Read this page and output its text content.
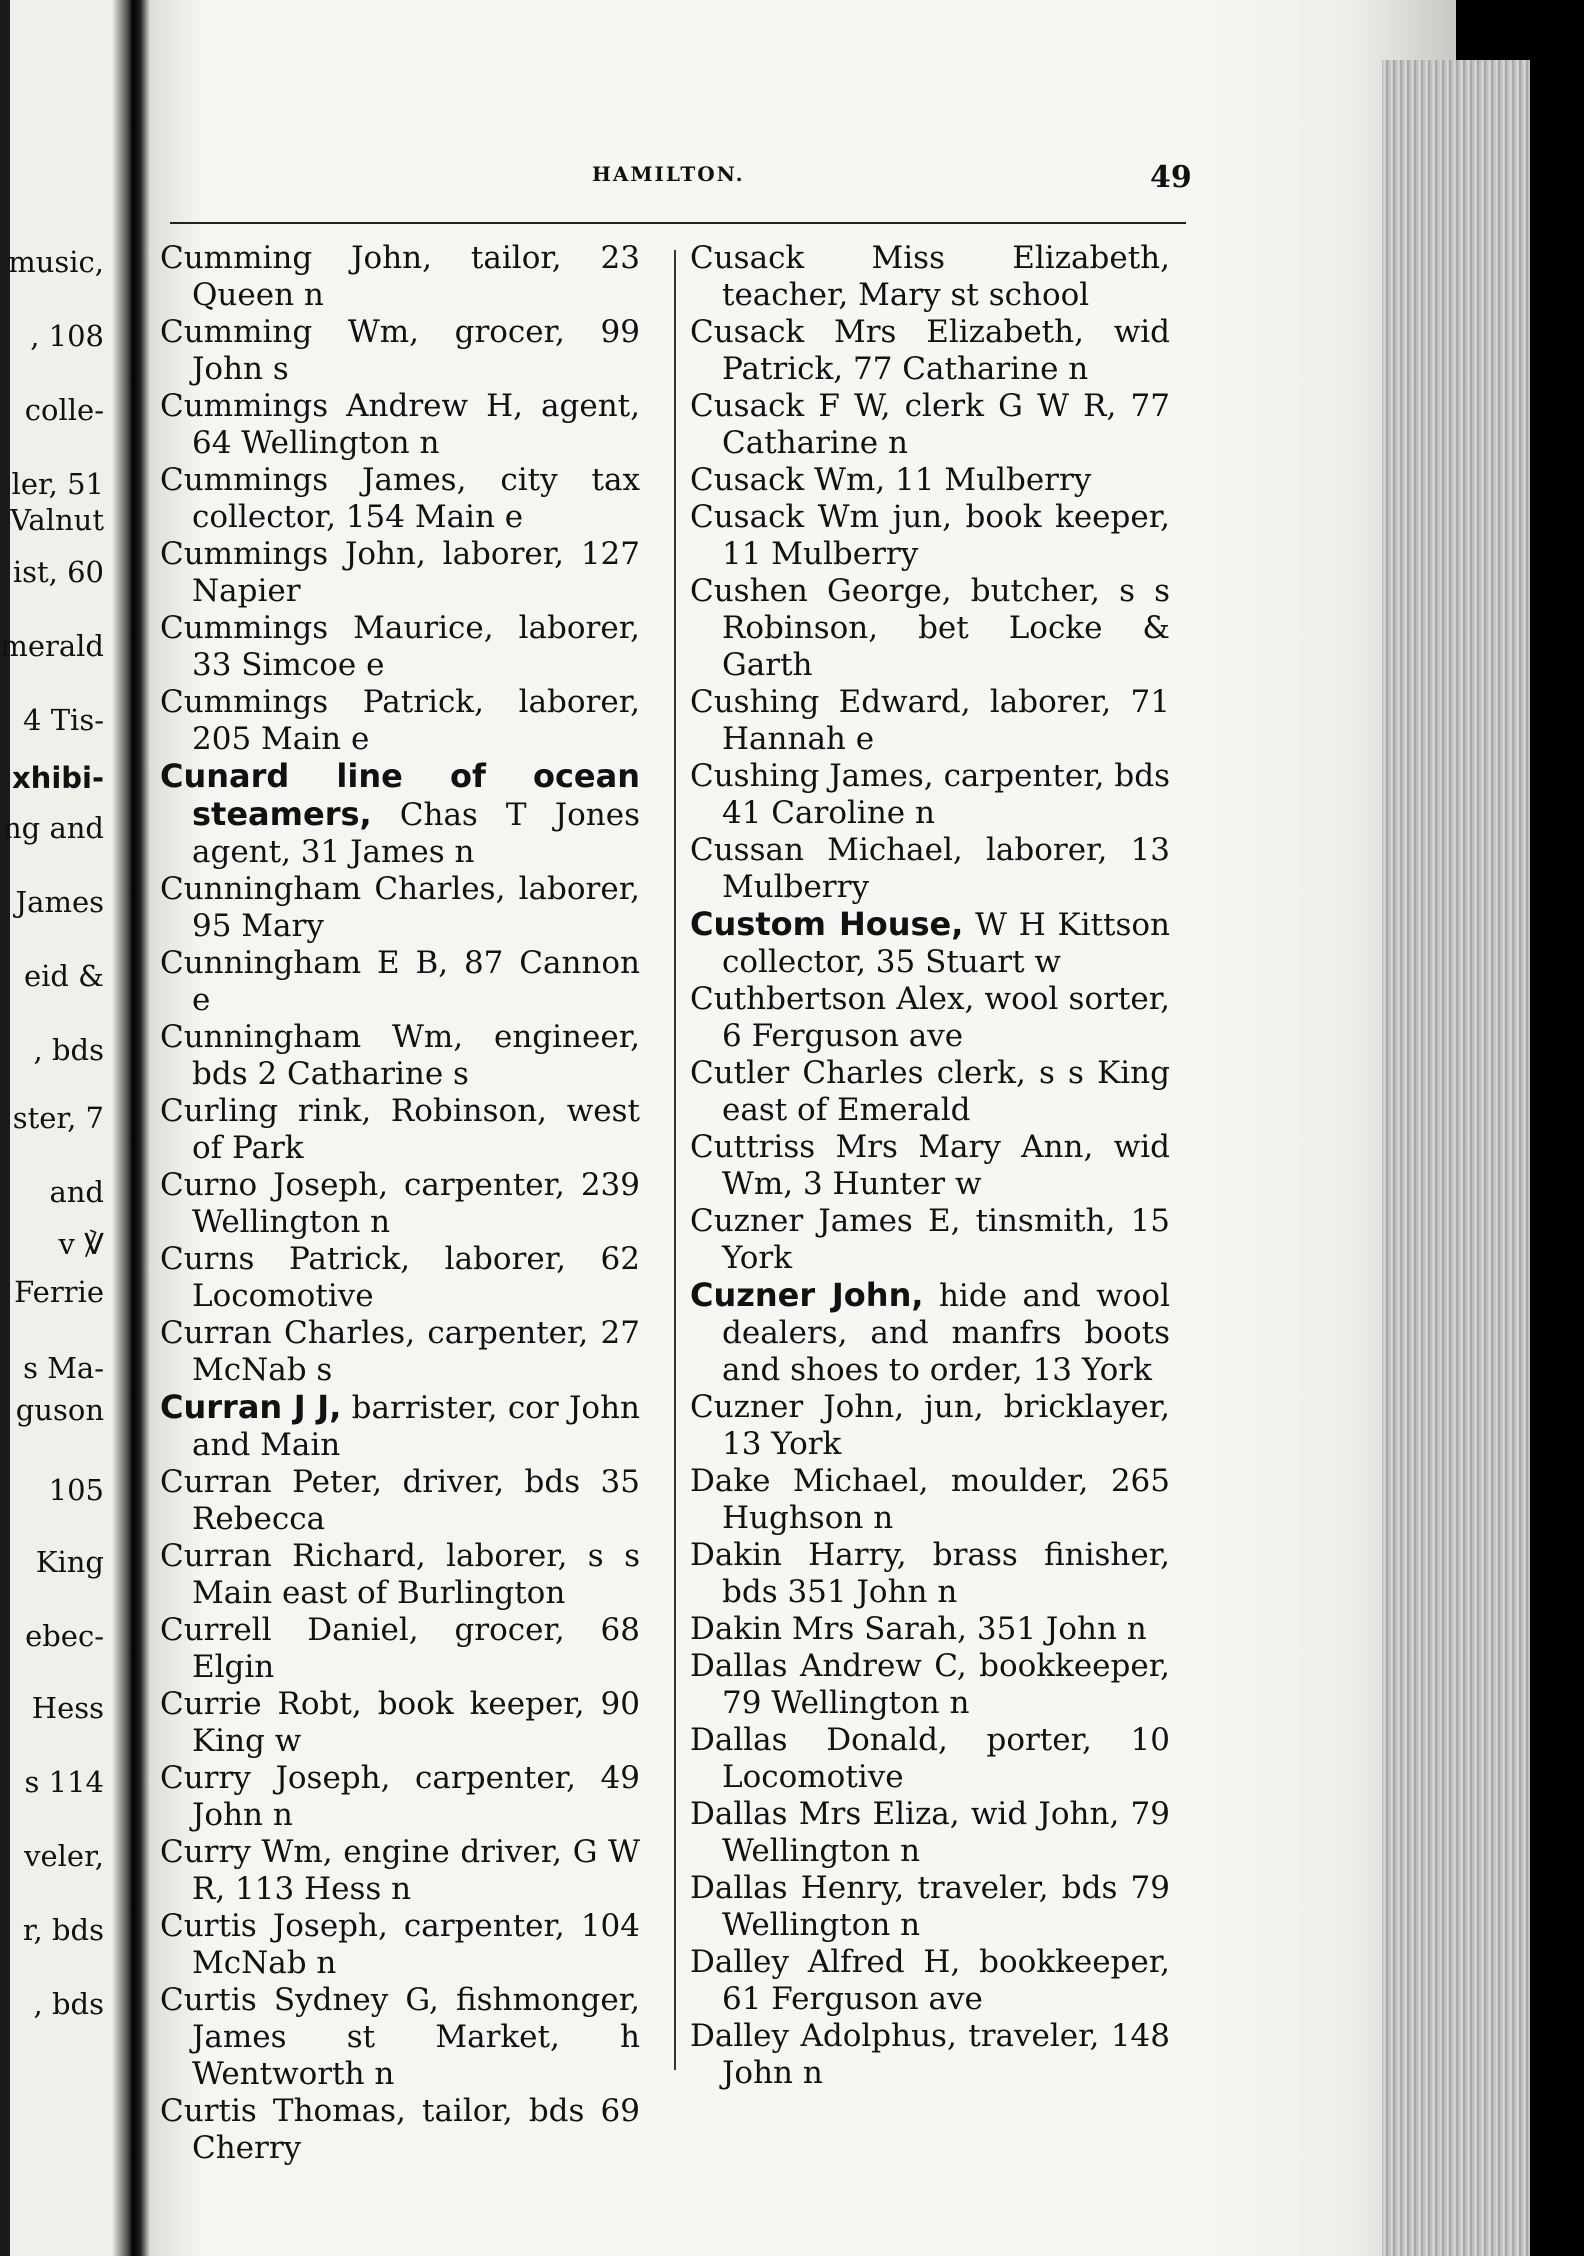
music,
, 108
colle-
ler, 51
Valnut
ist, 60
merald
4 Tis-
xhibi-
ng and
James
eid &
, bds
ster, 7
and
v ℣
Ferrie
s Ma-
guson
105
King
ebec-
Hess
s 114
veler,
r, bds
, bds
HAMILTON.	49
Cumming John, tailor, 23 Queen n
Cumming Wm, grocer, 99 John s
Cummings Andrew H, agent, 64 Wellington n
Cummings James, city tax collector, 154 Main e
Cummings John, laborer, 127 Napier
Cummings Maurice, laborer, 33 Simcoe e
Cummings Patrick, laborer, 205 Main e
Cunard line of ocean steamers, Chas T Jones agent, 31 James n
Cunningham Charles, laborer, 95 Mary
Cunningham E B, 87 Cannon e
Cunningham Wm, engineer, bds 2 Catharine s
Curling rink, Robinson, west of Park
Curno Joseph, carpenter, 239 Wellington n
Curns Patrick, laborer, 62 Locomotive
Curran Charles, carpenter, 27 McNab s
Curran J J, barrister, cor John and Main
Curran Peter, driver, bds 35 Rebecca
Curran Richard, laborer, s s Main east of Burlington
Currell Daniel, grocer, 68 Elgin
Currie Robt, book keeper, 90 King w
Curry Joseph, carpenter, 49 John n
Curry Wm, engine driver, G W R, 113 Hess n
Curtis Joseph, carpenter, 104 McNab n
Curtis Sydney G, fishmonger, James st Market, h Wentworth n
Curtis Thomas, tailor, bds 69 Cherry
Cusack Miss Elizabeth, teacher, Mary st school
Cusack Mrs Elizabeth, wid Patrick, 77 Catharine n
Cusack F W, clerk G W R, 77 Catharine n
Cusack Wm, 11 Mulberry
Cusack Wm jun, book keeper, 11 Mulberry
Cushen George, butcher, s s Robinson, bet Locke & Garth
Cushing Edward, laborer, 71 Hannah e
Cushing James, carpenter, bds 41 Caroline n
Cussan Michael, laborer, 13 Mulberry
Custom House, W H Kittson collector, 35 Stuart w
Cuthbertson Alex, wool sorter, 6 Ferguson ave
Cutler Charles clerk, s s King east of Emerald
Cuttriss Mrs Mary Ann, wid Wm, 3 Hunter w
Cuzner James E, tinsmith, 15 York
Cuzner John, hide and wool dealers, and manfrs boots and shoes to order, 13 York
Cuzner John, jun, bricklayer, 13 York
Dake Michael, moulder, 265 Hughson n
Dakin Harry, brass finisher, bds 351 John n
Dakin Mrs Sarah, 351 John n
Dallas Andrew C, bookkeeper, 79 Wellington n
Dallas Donald, porter, 10 Locomotive
Dallas Mrs Eliza, wid John, 79 Wellington n
Dallas Henry, traveler, bds 79 Wellington n
Dalley Alfred H, bookkeeper, 61 Ferguson ave
Dalley Adolphus, traveler, 148 John n
